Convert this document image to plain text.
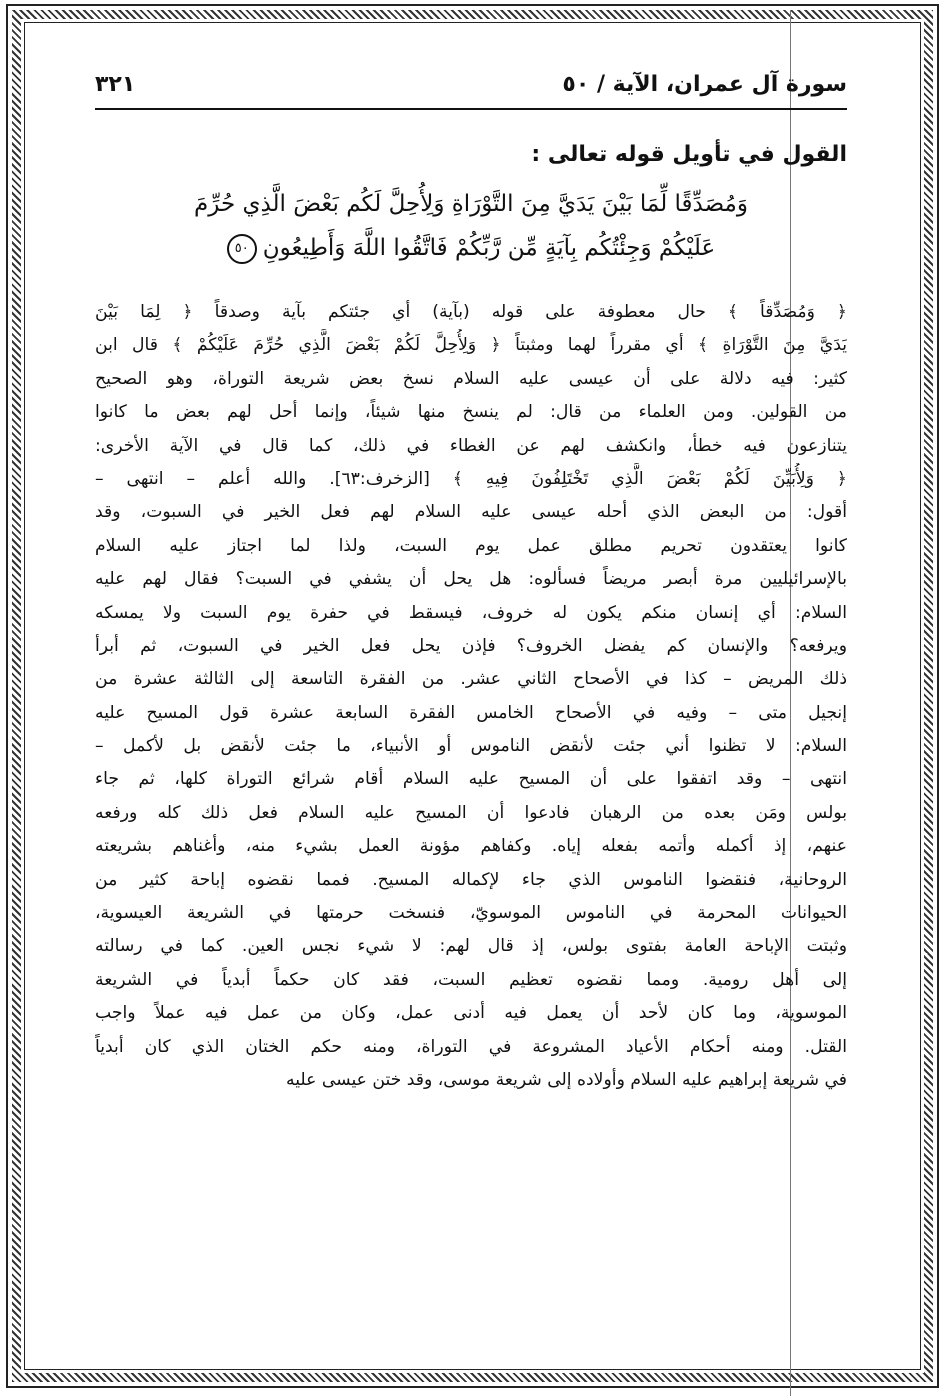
سورة آل عمران، الآية / ٥٠
٣٢١
القول في تأويل قوله تعالى :
وَمُصَدِّقًا لِّمَا بَيْنَ يَدَيَّ مِنَ التَّوْرَاةِ وَلِأُحِلَّ لَكُم بَعْضَ الَّذِي حُرِّمَ
عَلَيْكُمْ وَجِئْتُكُم بِآيَةٍ مِّن رَّبِّكُمْ فَاتَّقُوا اللَّهَ وَأَطِيعُونِ٥٠
﴿ وَمُصَدِّقاً ﴾ حال معطوفة على قوله (بآية) أي جئتكم بآية وصدقاً ﴿ لِمَا بَيْنَ
يَدَيَّ مِنَ التَّوْرَاةِ ﴾ أي مقرراً لهما ومثبتاً ﴿ وَلِأُحِلَّ لَكُمْ بَعْضَ الَّذِي حُرِّمَ عَلَيْكُمْ ﴾ قال ابن
كثير: فيه دلالة على أن عيسى عليه السلام نسخ بعض شريعة التوراة، وهو الصحيح
من القولين. ومن العلماء من قال: لم ينسخ منها شيئاً، وإنما أحل لهم بعض ما كانوا
يتنازعون فيه خطأ، وانكشف لهم عن الغطاء في ذلك، كما قال في الآية الأخرى:
﴿ وَلِأُبَيِّنَ لَكُمْ بَعْضَ الَّذِي تَخْتَلِفُونَ فِيهِ ﴾ [الزخرف:٦٣]. والله أعلم – انتهى –
أقول: من البعض الذي أحله عيسى عليه السلام لهم فعل الخير في السبوت، وقد
كانوا يعتقدون تحريم مطلق عمل يوم السبت، ولذا لما اجتاز عليه السلام
بالإسرائيليين مرة أبصر مريضاً فسألوه: هل يحل أن يشفي في السبت؟ فقال لهم عليه
السلام: أي إنسان منكم يكون له خروف، فيسقط في حفرة يوم السبت ولا يمسكه
ويرفعه؟ والإنسان كم يفضل الخروف؟ فإذن يحل فعل الخير في السبوت، ثم أبرأ
ذلك المريض – كذا في الأصحاح الثاني عشر. من الفقرة التاسعة إلى الثالثة عشرة من
إنجيل متى – وفيه في الأصحاح الخامس الفقرة السابعة عشرة قول المسيح عليه
السلام: لا تظنوا أني جئت لأنقض الناموس أو الأنبياء، ما جئت لأنقض بل لأكمل –
انتهى – وقد اتفقوا على أن المسيح عليه السلام أقام شرائع التوراة كلها، ثم جاء
بولس ومَن بعده من الرهبان فادعوا أن المسيح عليه السلام فعل ذلك كله ورفعه
عنهم، إذ أكمله وأتمه بفعله إياه. وكفاهم مؤونة العمل بشيء منه، وأغناهم بشريعته
الروحانية، فنقضوا الناموس الذي جاء لإكماله المسيح. فمما نقضوه إباحة كثير من
الحيوانات المحرمة في الناموس الموسويّ، فنسخت حرمتها في الشريعة العيسوية،
وثبتت الإباحة العامة بفتوى بولس، إذ قال لهم: لا شيء نجس العين. كما في رسالته
إلى أهل رومية. ومما نقضوه تعظيم السبت، فقد كان حكماً أبدياً في الشريعة
الموسوية، وما كان لأحد أن يعمل فيه أدنى عمل، وكان من عمل فيه عملاً واجب
القتل. ومنه أحكام الأعياد المشروعة في التوراة، ومنه حكم الختان الذي كان أبدياً
في شريعة إبراهيم عليه السلام وأولاده إلى شريعة موسى، وقد ختن عيسى عليه
